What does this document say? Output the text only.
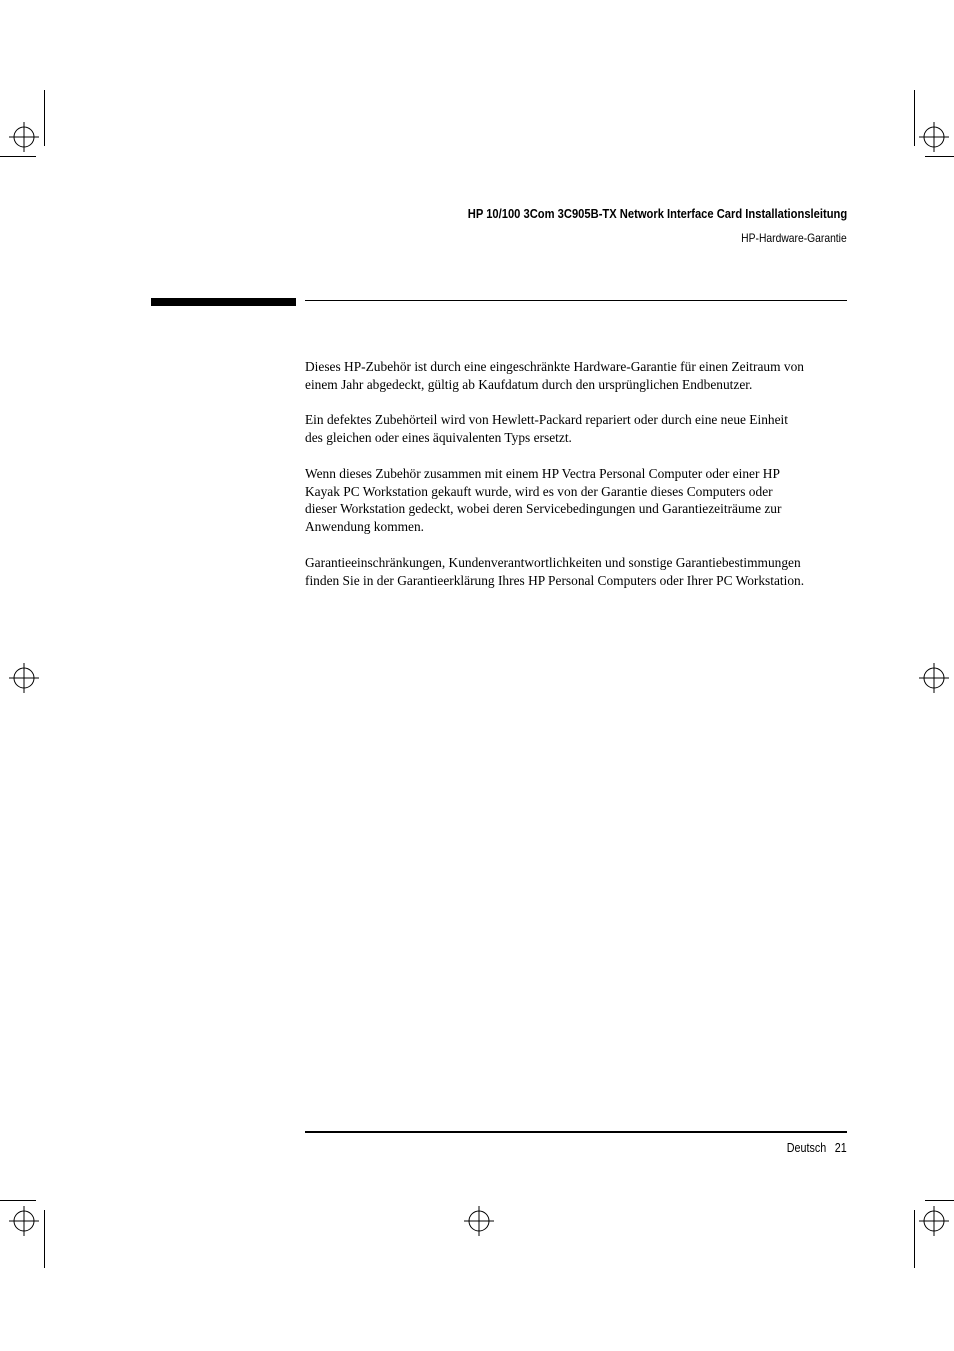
HP 10/100 3Com 3C905B-TX Network Interface Card Installationsleitung
HP-Hardware-Garantie

Dieses HP-Zubehör ist durch eine eingeschränkte Hardware-Garantie für einen Zeitraum von einem Jahr abgedeckt, gültig ab Kaufdatum durch den ursprünglichen Endbenutzer.

Ein defektes Zubehörteil wird von Hewlett-Packard repariert oder durch eine neue Einheit des gleichen oder eines äquivalenten Typs ersetzt.

Wenn dieses Zubehör zusammen mit einem HP Vectra Personal Computer oder einer HP Kayak PC Workstation gekauft wurde, wird es von der Garantie dieses Computers oder dieser Workstation gedeckt, wobei deren Servicebedingungen und Garantiezeiträume zur Anwendung kommen.

Garantieeinschränkungen, Kundenverantwortlichkeiten und sonstige Garantiebestimmungen finden Sie in der Garantieerklärung Ihres HP Personal Computers oder Ihrer PC Workstation.

Deutsch 21
